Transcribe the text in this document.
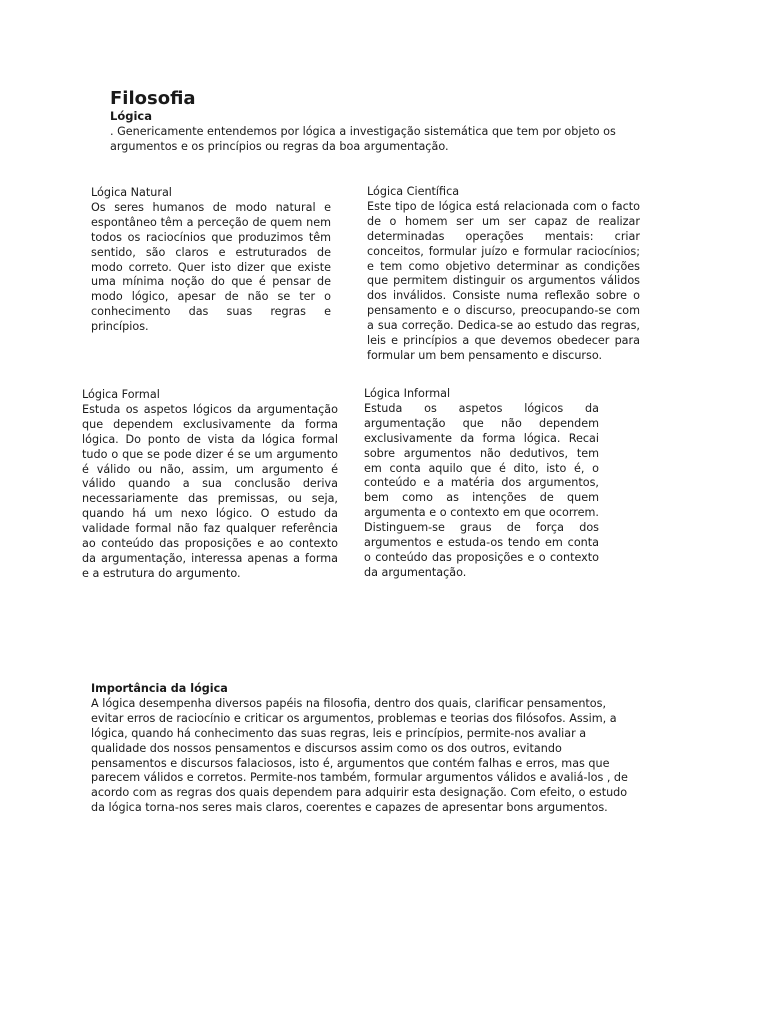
Filosofia
Lógica
. Genericamente entendemos por lógica a investigação sistemática que tem por objeto os argumentos e os princípios ou regras da boa argumentação.
Lógica Natural
Os seres humanos de modo natural e espontâneo têm a perceção de quem nem todos os raciocínios que produzimos têm sentido, são claros e estruturados de modo correto. Quer isto dizer que existe uma mínima noção do que é pensar de modo lógico, apesar de não se ter o conhecimento das suas regras e princípios.
Lógica Científica
Este tipo de lógica está relacionada com o facto de o homem ser um ser capaz de realizar determinadas operações mentais: criar conceitos, formular juízo e formular raciocínios; e tem como objetivo determinar as condições que permitem distinguir os argumentos válidos dos inválidos. Consiste numa reflexão sobre o pensamento e o discurso, preocupando-se com a sua correção. Dedica-se ao estudo das regras, leis e princípios a que devemos obedecer para formular um bem pensamento e discurso.
Lógica Formal
Estuda os aspetos lógicos da argumentação que dependem exclusivamente da forma lógica. Do ponto de vista da lógica formal tudo o que se pode dizer é se um argumento é válido ou não, assim, um argumento é válido quando a sua conclusão deriva necessariamente das premissas, ou seja, quando há um nexo lógico. O estudo da validade formal não faz qualquer referência ao conteúdo das proposições e ao contexto da argumentação, interessa apenas a forma e a estrutura do argumento.
Lógica Informal
Estuda os aspetos lógicos da argumentação que não dependem exclusivamente da forma lógica. Recai sobre argumentos não dedutivos, tem em conta aquilo que é dito, isto é, o conteúdo e a matéria dos argumentos, bem como as intenções de quem argumenta e o contexto em que ocorrem. Distinguem-se graus de força dos argumentos e estuda-os tendo em conta o conteúdo das proposições e o contexto da argumentação.
Importância da lógica
A lógica desempenha diversos papéis na filosofia, dentro dos quais, clarificar pensamentos, evitar erros de raciocínio e criticar os argumentos, problemas e teorias dos filósofos. Assim, a lógica, quando há conhecimento das suas regras, leis e princípios, permite-nos avaliar a qualidade dos nossos pensamentos e discursos assim como os dos outros, evitando pensamentos e discursos falaciosos, isto é, argumentos que contém falhas e erros, mas que parecem válidos e corretos. Permite-nos também, formular argumentos válidos e avaliá-los , de acordo com as regras dos quais dependem para adquirir esta designação. Com efeito, o estudo da lógica torna-nos seres mais claros, coerentes e capazes de apresentar bons argumentos.
